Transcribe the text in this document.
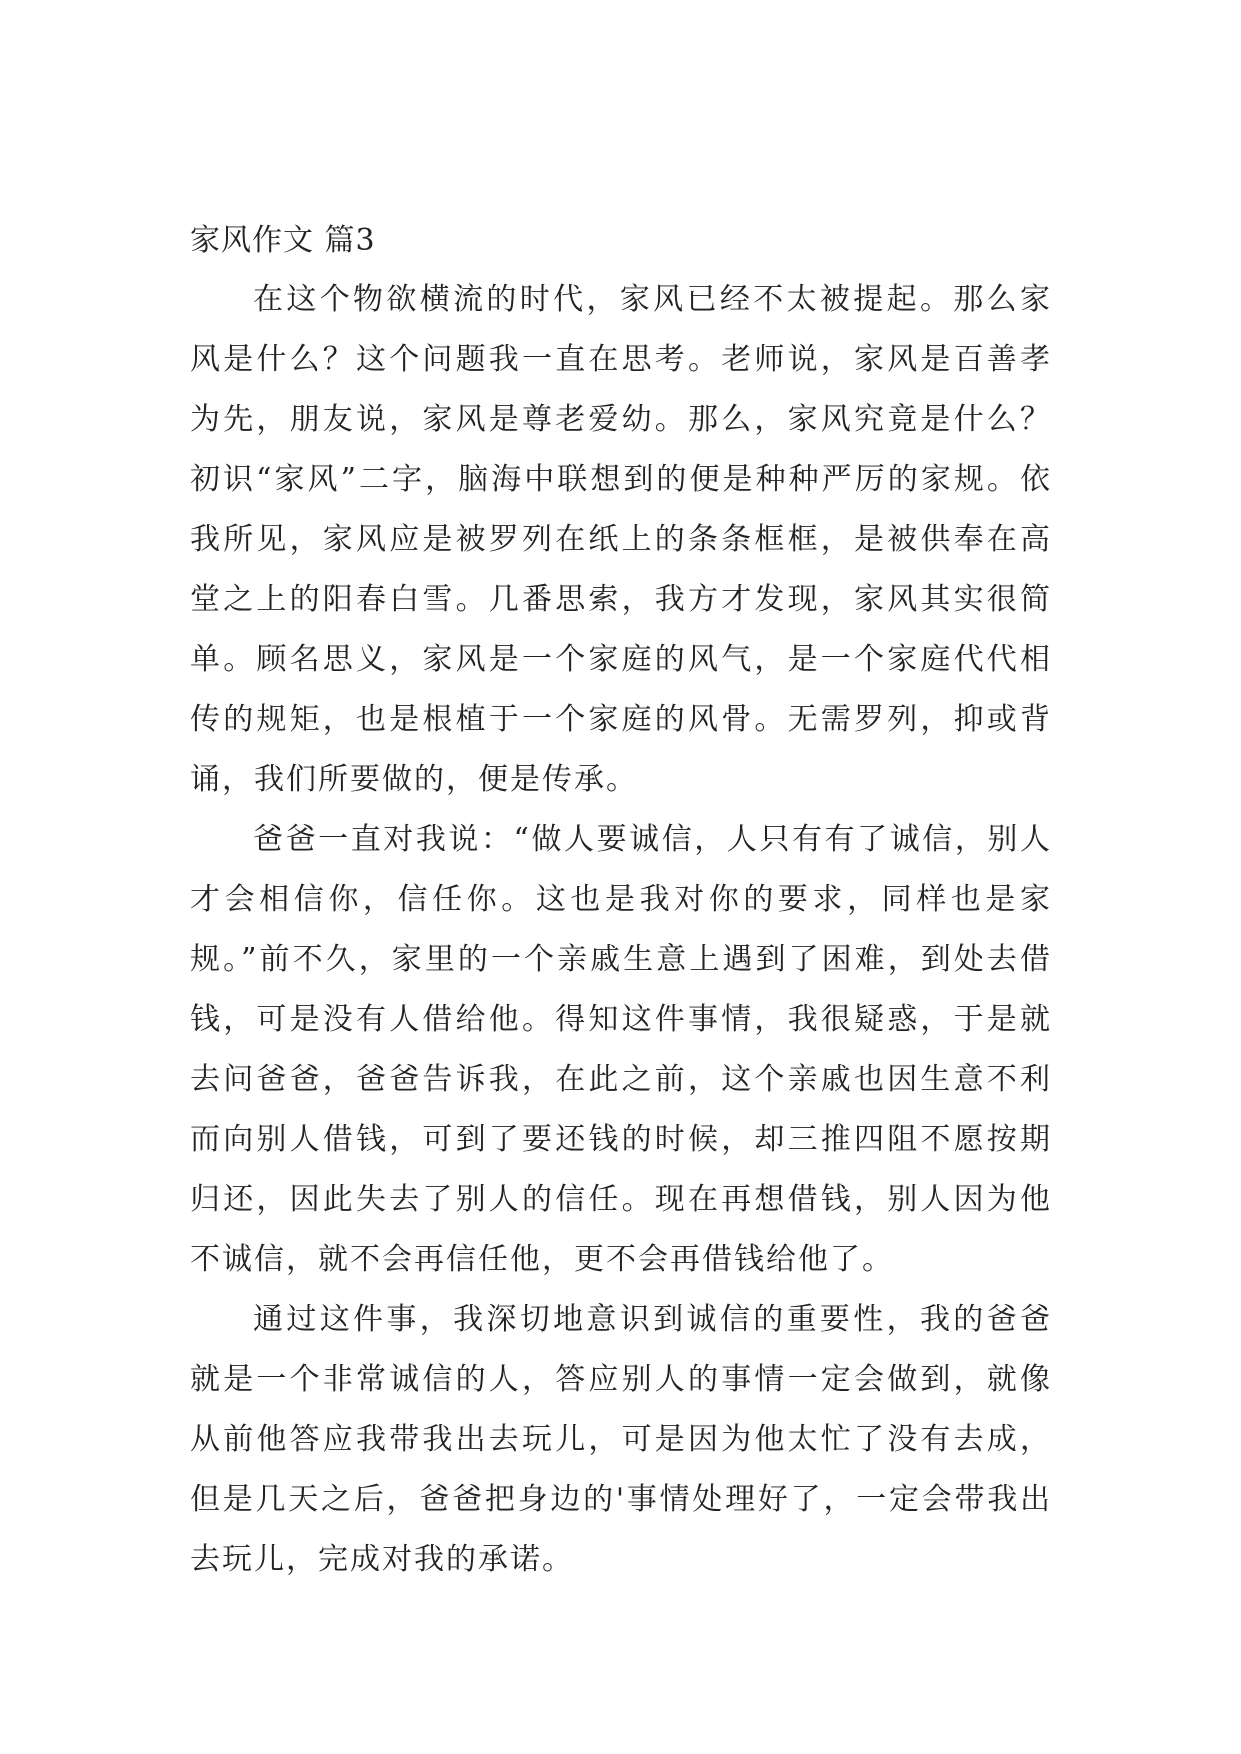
家风作文 篇3

在这个物欲横流的时代，家风已经不太被提起。那么家风是什么？这个问题我一直在思考。老师说，家风是百善孝为先，朋友说，家风是尊老爱幼。那么，家风究竟是什么？初识“家风”二字，脑海中联想到的便是种种严厉的家规。依我所见，家风应是被罗列在纸上的条条框框，是被供奉在高堂之上的阳春白雪。几番思索，我方才发现，家风其实很简单。顾名思义，家风是一个家庭的风气，是一个家庭代代相传的规矩，也是根植于一个家庭的风骨。无需罗列，抑或背诵，我们所要做的，便是传承。

爸爸一直对我说：“做人要诚信，人只有有了诚信，别人才会相信你，信任你。这也是我对你的要求，同样也是家规。”前不久，家里的一个亲戚生意上遇到了困难，到处去借钱，可是没有人借给他。得知这件事情，我很疑惑，于是就去问爸爸，爸爸告诉我，在此之前，这个亲戚也因生意不利而向别人借钱，可到了要还钱的时候，却三推四阻不愿按期归还，因此失去了别人的信任。现在再想借钱，别人因为他不诚信，就不会再信任他，更不会再借钱给他了。

通过这件事，我深切地意识到诚信的重要性，我的爸爸就是一个非常诚信的人，答应别人的事情一定会做到，就像从前他答应我带我出去玩儿，可是因为他太忙了没有去成，但是几天之后，爸爸把身边的'事情处理好了，一定会带我出去玩儿，完成对我的承诺。
